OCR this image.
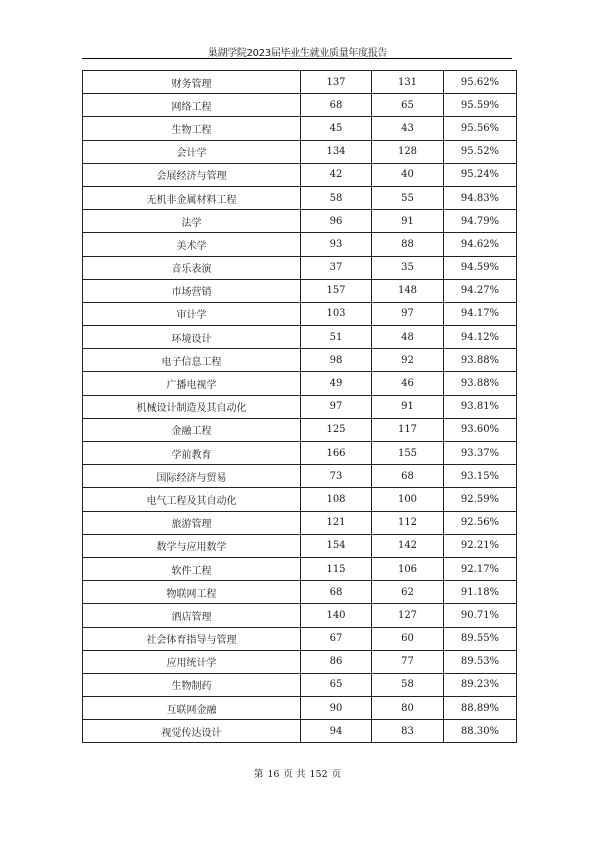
巢湖学院2023届毕业生就业质量年度报告
财务管理	137	131	95.62%
网络工程	68	65	95.59%
生物工程	45	43	95.56%
会计学	134	128	95.52%
会展经济与管理	42	40	95.24%
无机非金属材料工程	58	55	94.83%
法学	96	91	94.79%
美术学	93	88	94.62%
音乐表演	37	35	94.59%
市场营销	157	148	94.27%
审计学	103	97	94.17%
环境设计	51	48	94.12%
电子信息工程	98	92	93.88%
广播电视学	49	46	93.88%
机械设计制造及其自动化	97	91	93.81%
金融工程	125	117	93.60%
学前教育	166	155	93.37%
国际经济与贸易	73	68	93.15%
电气工程及其自动化	108	100	92.59%
旅游管理	121	112	92.56%
数学与应用数学	154	142	92.21%
软件工程	115	106	92.17%
物联网工程	68	62	91.18%
酒店管理	140	127	90.71%
社会体育指导与管理	67	60	89.55%
应用统计学	86	77	89.53%
生物制药	65	58	89.23%
互联网金融	90	80	88.89%
视觉传达设计	94	83	88.30%
第 16 页 共 152 页
